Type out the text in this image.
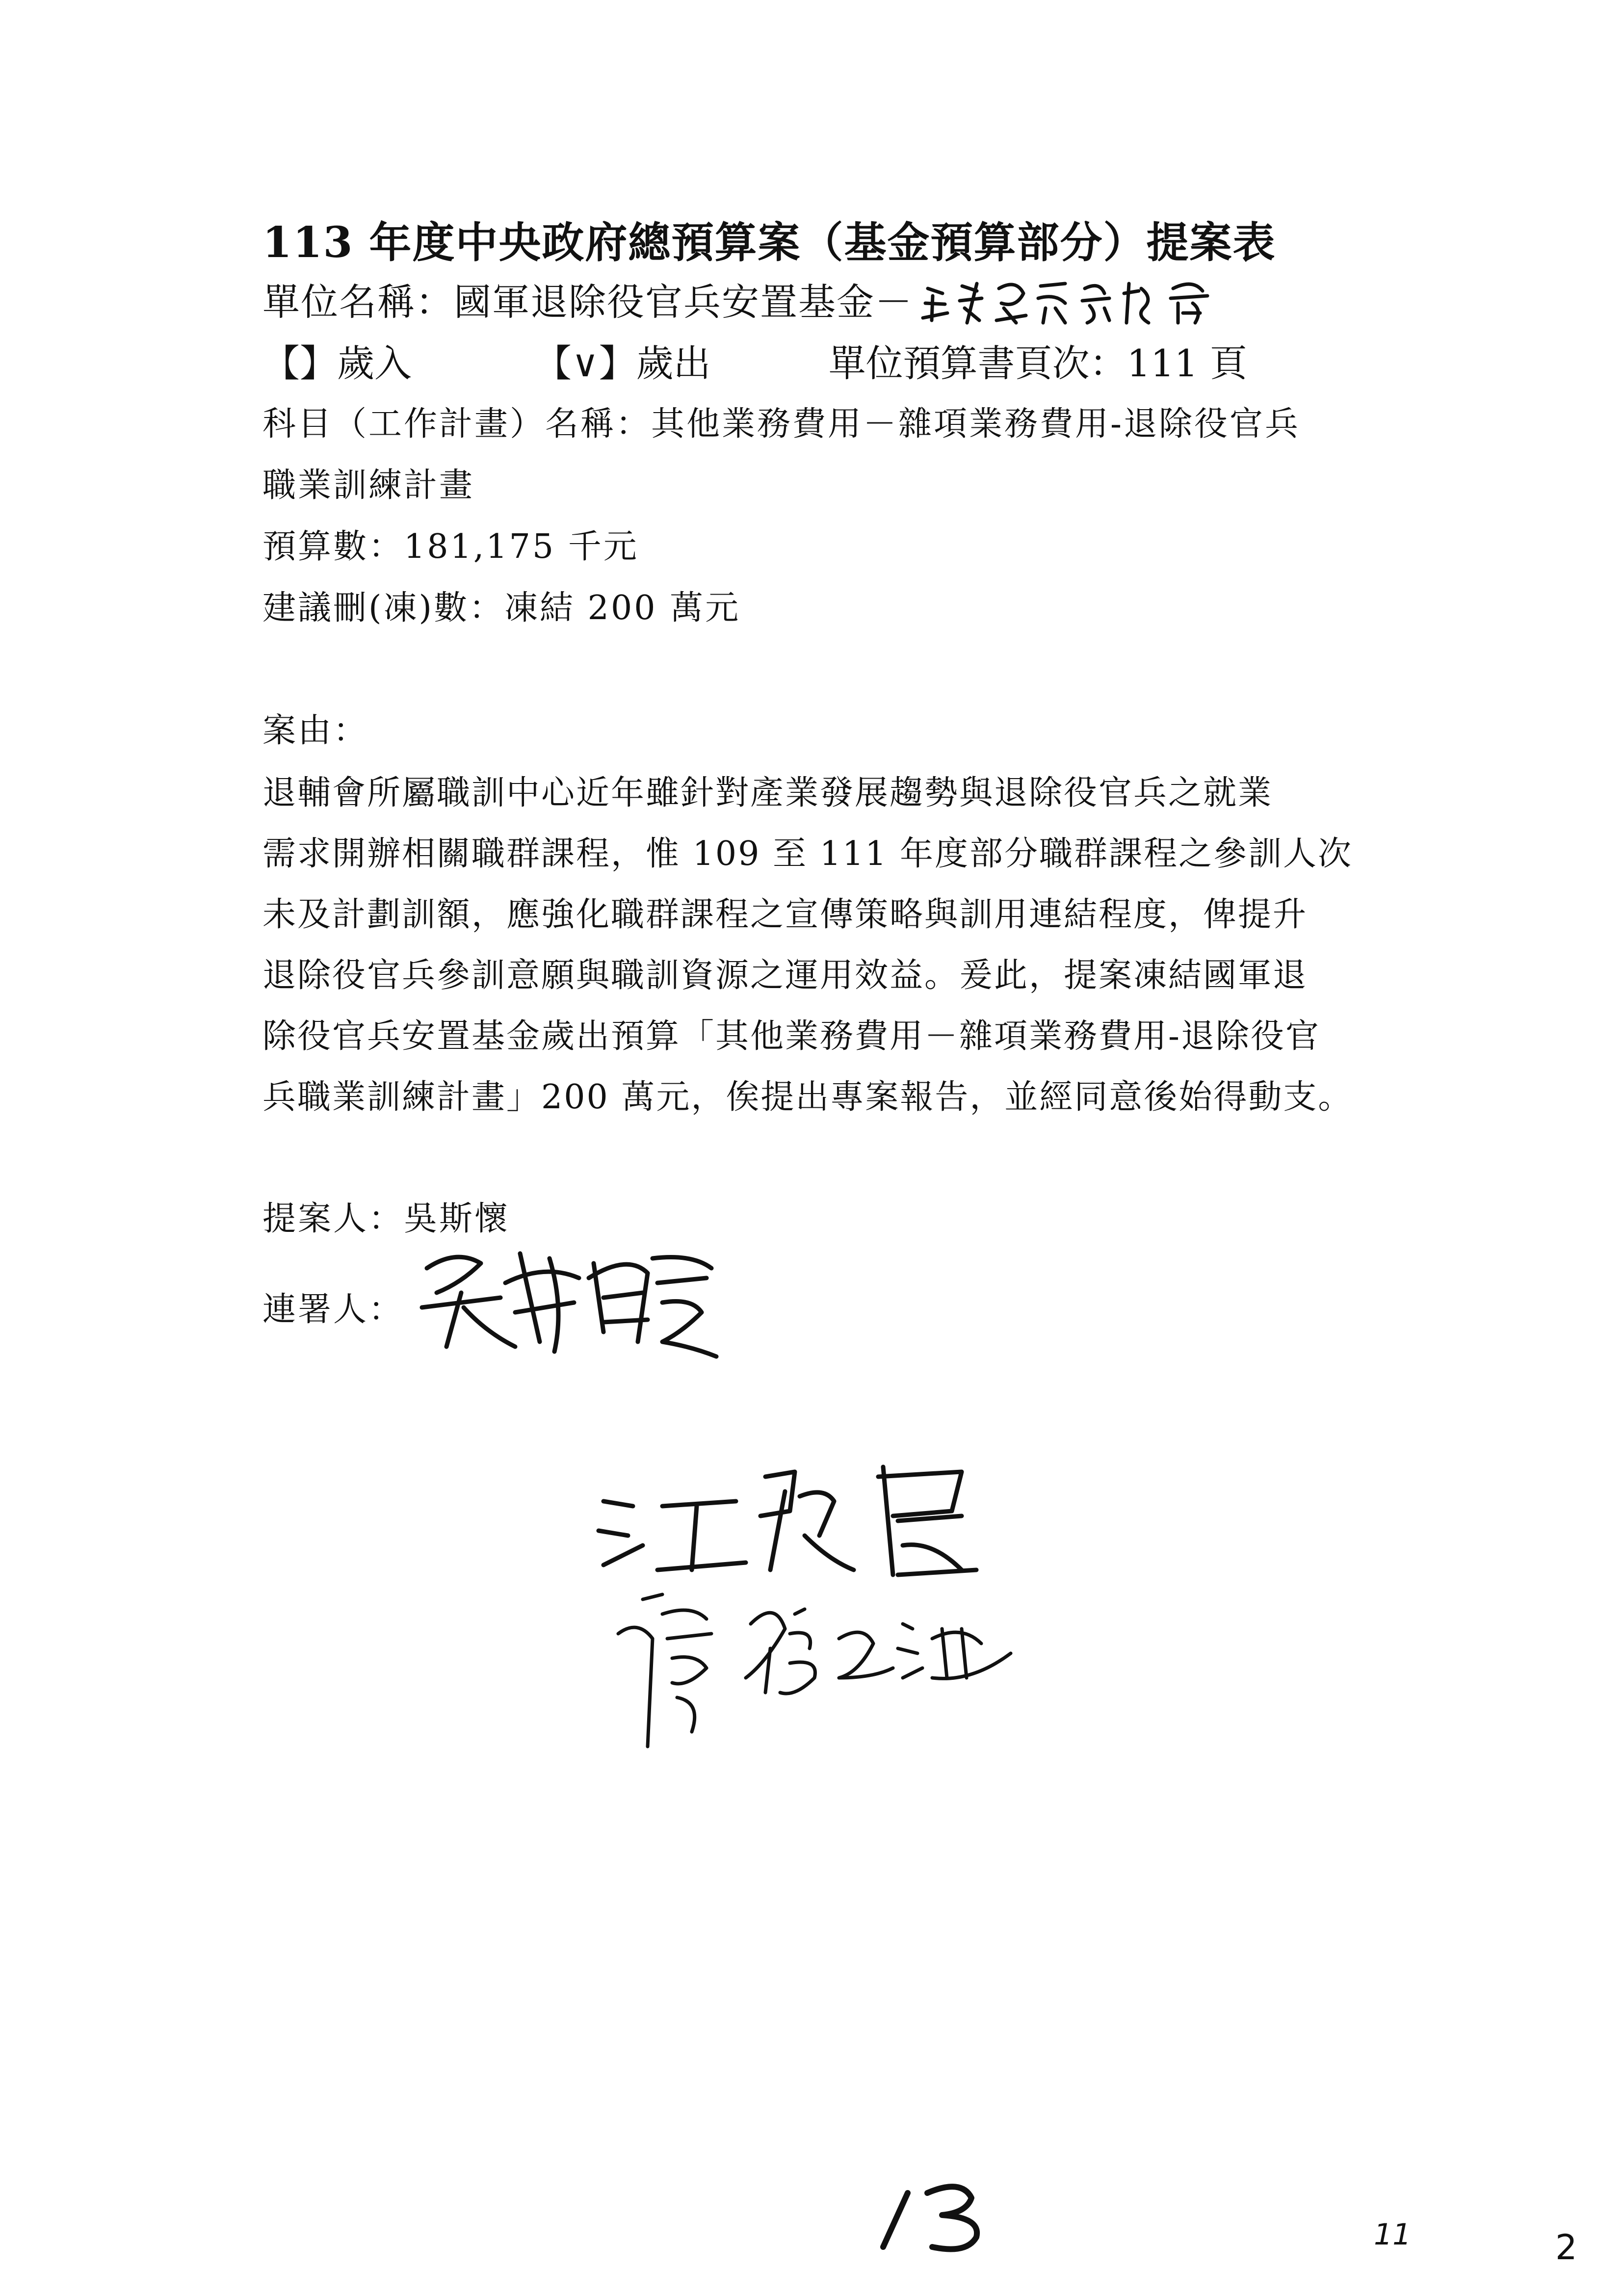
113 年度中央政府總預算案（基金預算部分）提案表
單位名稱：國軍退除役官兵安置基金－
【】歲入	【∨】歲出	單位預算書頁次：111 頁
科目（工作計畫）名稱：其他業務費用－雜項業務費用-退除役官兵
職業訓練計畫
預算數：181,175 千元
建議刪(凍)數：凍結 200 萬元
案由：
退輔會所屬職訓中心近年雖針對產業發展趨勢與退除役官兵之就業
需求開辦相關職群課程，惟 109 至 111 年度部分職群課程之參訓人次
未及計劃訓額，應強化職群課程之宣傳策略與訓用連結程度，俾提升
退除役官兵參訓意願與職訓資源之運用效益。爰此，提案凍結國軍退
除役官兵安置基金歲出預算「其他業務費用－雜項業務費用-退除役官
兵職業訓練計畫」200 萬元，俟提出專案報告，並經同意後始得動支。
提案人：吳斯懷
連署人：
11	2
